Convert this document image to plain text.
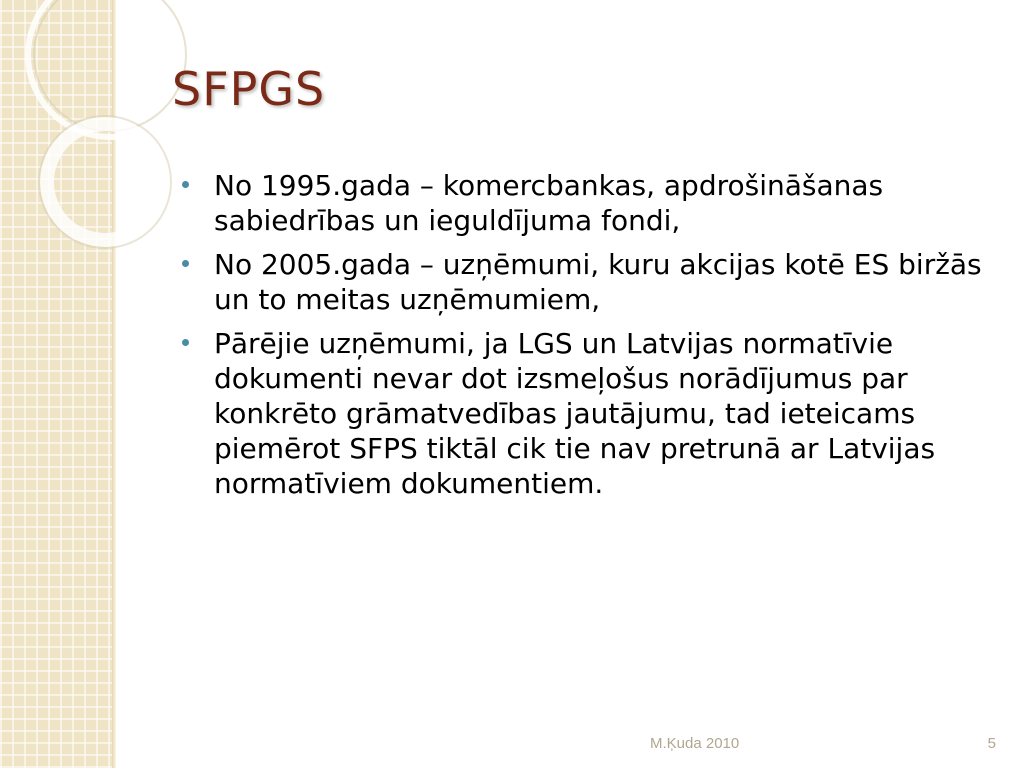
SFPGS
No 1995.gada – komercbankas, apdrošināšanas sabiedrības un ieguldījuma fondi,
No 2005.gada – uzņēmumi, kuru akcijas kotē ES biržās un to meitas uzņēmumiem,
Pārējie uzņēmumi, ja LGS un Latvijas normatīvie dokumenti nevar dot izsmeļošus norādījumus par konkrēto grāmatvedības jautājumu, tad ieteicams piemērot SFPS tiktāl cik tie nav pretrunā ar Latvijas normatīviem dokumentiem.
M.Ķuda 2010	5
